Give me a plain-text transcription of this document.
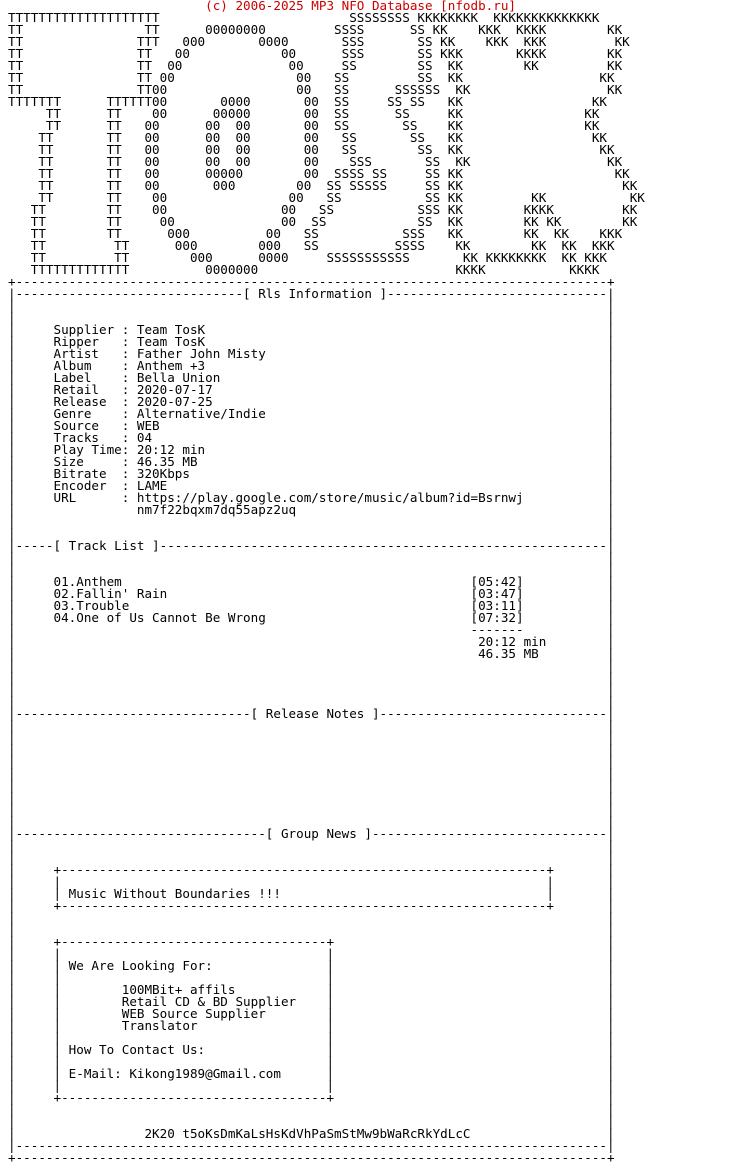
(c) 2006-2025 MP3 NFO Database [nfodb.ru]
TTTTTTTTTTTTTTTTTTTT                         SSSSSSSS KKKKKKKK  KKKKKKKKKKKKKK
TT                TT      00000000         SSSS      SS KK    KKK  KKKK        KK
TT               TTT   000       0000       SSS       SS KK    KKK  KKK         KK
TT               TT   00            00      SSS       SS KKK       KKKK        KK
TT               TT  00              00     SS        SS  KK        KK         KK
TT               TT 00                00   SS         SS  KK                  KK
TT               TT00                 00   SS      SSSSSS  KK                  KK
TTTTTTT      TTTTTT00       0000       00  SS     SS SS   KK                 KK
TT      TT    00      00000       00  SS      SS     KK                KK
TT      TT   00      00  00       00  SS       SS    KK                KK
TT       TT   00      00  00       00   SS       SS   KK                 KK
TT       TT   00      00  00       00   SS        SS  KK                  KK
TT       TT   00      00  00       00    SSS       SS  KK                  KK
TT       TT   00      00000        00  SSSS SS     SS KK                    KK
TT       TT   00       000        00  SS SSSSS     SS KK                     KK
TT       TT    00                00   SS           SS KK         KK           KK
TT        TT    00               00   SS           SSS KK        KKKK         KK
TT        TT     00              00  SS            SS  KK        KK KK        KK
TT        TT      000          00   SS           SSS   KK        KK  KK    KKK
TT         TT      000        000   SS          SSSS    KK        KK  KK  KKK
TT         TT        000      0000     SSSSSSSSSSS       KK KKKKKKKK  KK KKK
TTTTTTTTTTTTT          0000000                          KKKK           KKKK
+------------------------------------------------------------------------------+
|------------------------------[ Rls Information ]-----------------------------|
|                                                                              |
|                                                                              |
|     Supplier : Team TosK                                                     |
|     Ripper   : Team TosK                                                     |
|     Artist   : Father John Misty                                             |
|     Album    : Anthem +3                                                     |
|     Label    : Bella Union                                                   |
|     Retail   : 2020-07-17                                                    |
|     Release  : 2020-07-25                                                    |
|     Genre    : Alternative/Indie                                             |
|     Source   : WEB                                                           |
|     Tracks   : 04                                                            |
|     Play Time: 20:12 min                                                     |
|     Size     : 46.35 MB                                                      |
|     Bitrate  : 320Kbps                                                       |
|     Encoder  : LAME                                                          |
|     URL      : https://play.google.com/store/music/album?id=Bsrnwj           |
|                nm7f22bqxm7dq55apz2uq                                         |
|                                                                              |
|                                                                              |
|-----[ Track List ]-----------------------------------------------------------|
|                                                                              |
|                                                                              |
|     01.Anthem                                              [05:42]           |
|     02.Fallin' Rain                                        [03:47]           |
|     03.Trouble                                             [03:11]           |
|     04.One of Us Cannot Be Wrong                           [07:32]           |
|                                                            -------           |
|                                                             20:12 min        |
|                                                             46.35 MB         |
|                                                                              |
|                                                                              |
|                                                                              |
|                                                                              |
|-------------------------------[ Release Notes ]------------------------------|
|                                                                              |
|                                                                              |
|                                                                              |
|                                                                              |
|                                                                              |
|                                                                              |
|                                                                              |
|                                                                              |
|                                                                              |
|---------------------------------[ Group News ]-------------------------------|
|                                                                              |
|                                                                              |
|     +----------------------------------------------------------------+       |
|     |                                                                |       |
|     | Music Without Boundaries !!!                                   |       |
|     +----------------------------------------------------------------+       |
|                                                                              |
|                                                                              |
|     +-----------------------------------+                                    |
|     |                                   |                                    |
|     | We Are Looking For:               |                                    |
|     |                                   |                                    |
|     |        100MBit+ affils            |                                    |
|     |        Retail CD & BD Supplier    |                                    |
|     |        WEB Source Supplier        |                                    |
|     |        Translator                 |                                    |
|     |                                   |                                    |
|     | How To Contact Us:                |                                    |
|     |                                   |                                    |
|     | E-Mail: Kikong1989@Gmail.com      |                                    |
|     |                                   |                                    |
|     +-----------------------------------+                                    |
|                                                                              |
|                                                                              |
|                 2K20 t5oKsDmKaLsHsKdVhPaSmStMw9bWaRcRkYdLcC                  |
|------------------------------------------------------------------------------|
+------------------------------------------------------------------------------+
